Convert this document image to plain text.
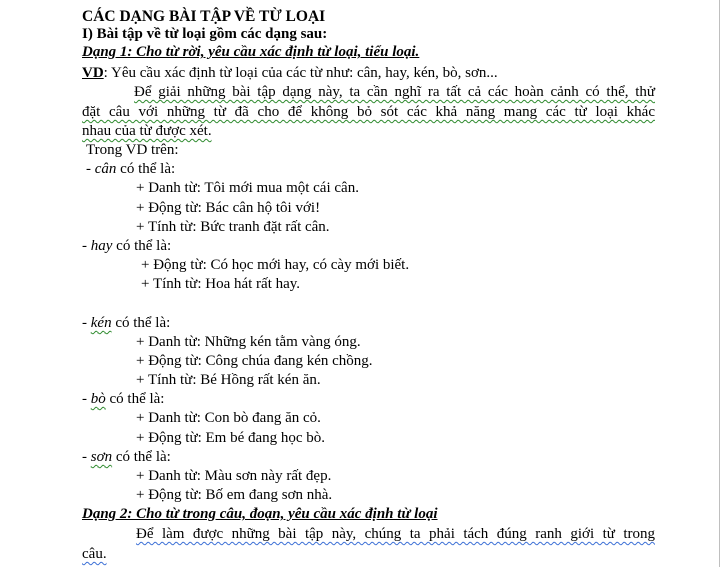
CÁC DẠNG BÀI TẬP VỀ TỪ LOẠI
I) Bài tập về từ loại gồm các dạng sau:
Dạng 1: Cho từ rời, yêu cầu xác định từ loại, tiểu loại.
VD: Yêu cầu xác định từ loại của các từ như: cân, hay, kén, bò, sơn...
Để giải những bài tập dạng này, ta cần nghĩ ra tất cả các hoàn cảnh có thể, thử
đặt câu với những từ đã cho để không bỏ sót các khả năng mang các từ loại khác
nhau của từ được xét.
Trong VD trên:
- cân có thể là:
+ Danh từ: Tôi mới mua một cái cân.
+ Động từ: Bác cân hộ tôi với!
+ Tính từ: Bức tranh đặt rất cân.
- hay có thể là:
+ Động từ: Có học mới hay, có cày mới biết.
+ Tính từ: Hoa hát rất hay.
- kén có thể là:
+ Danh từ: Những kén tằm vàng óng.
+ Động từ: Công chúa đang kén chồng.
+ Tính từ: Bé Hồng rất kén ăn.
- bò có thể là:
+ Danh từ: Con bò đang ăn cỏ.
+ Động từ: Em bé đang học bò.
- sơn có thể là:
+ Danh từ: Màu sơn này rất đẹp.
+ Động từ: Bố em đang sơn nhà.
Dạng 2: Cho từ trong câu, đoạn, yêu cầu xác định từ loại
Để làm được những bài tập này, chúng ta phải tách đúng ranh giới từ trong
câu.
